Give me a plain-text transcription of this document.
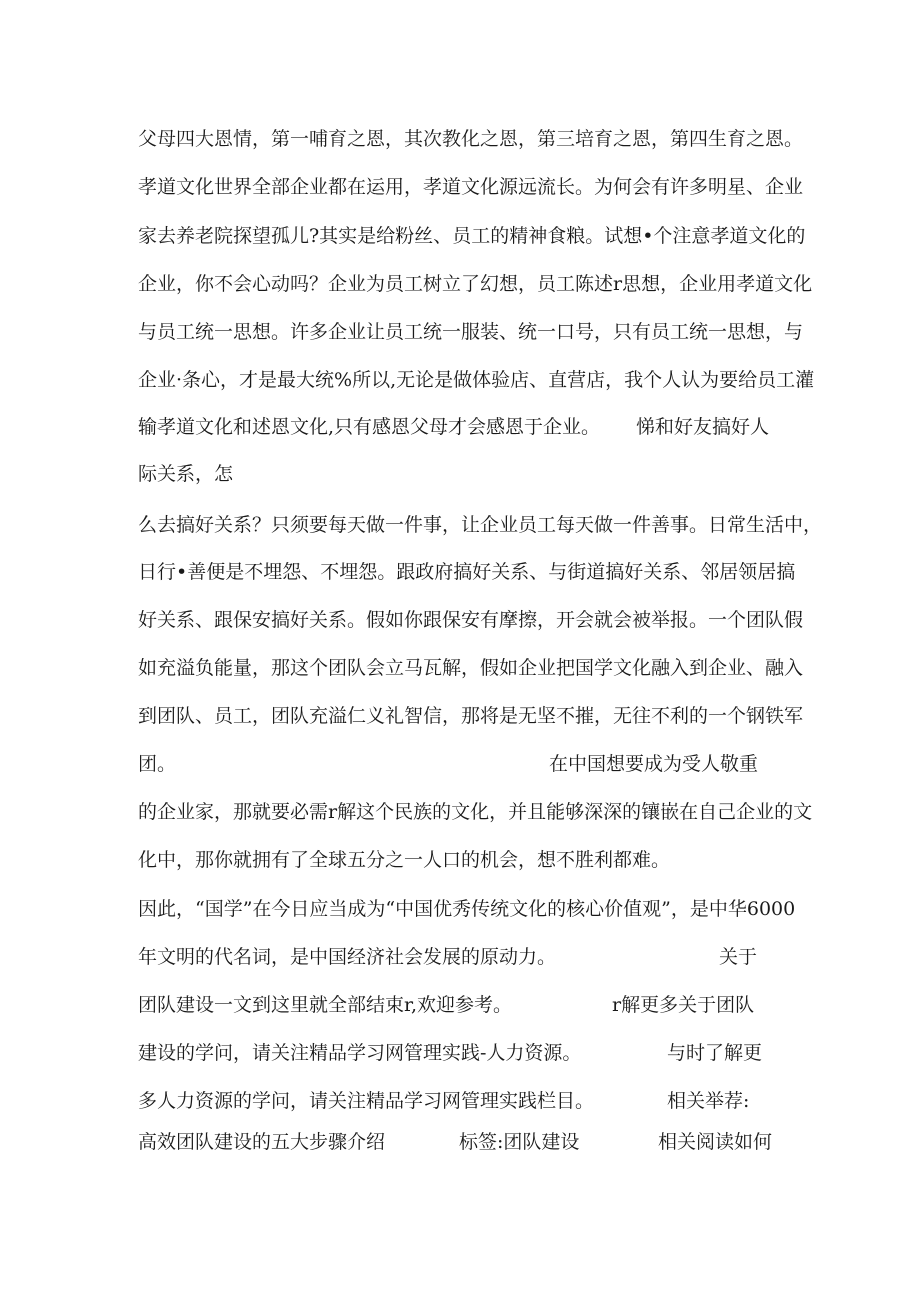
父母四大恩情，第一哺育之恩，其次教化之恩，第三培育之恩，第四生育之恩。
孝道文化世界全部企业都在运用，孝道文化源远流长。为何会有许多明星、企业
家去养老院探望孤儿?其实是给粉丝、员工的精神食粮。试想•个注意孝道文化的
企业，你不会心动吗？企业为员工树立了幻想，员工陈述r思想，企业用孝道文化
与员工统一思想。许多企业让员工统一服装、统一口号，只有员工统一思想，与
企业·条心，才是最大统%所以,无论是做体验店、直营店，我个人认为要给员工灌
输孝道文化和述恩文化,只有感恩父母才会感恩于企业。 悌和好友搞好人
际关系，怎
么去搞好关系？只须要每天做一件事，让企业员工每天做一件善事。日常生活中，
日行•善便是不埋怨、不埋怨。跟政府搞好关系、与街道搞好关系、邻居领居搞
好关系、跟保安搞好关系。假如你跟保安有摩擦，开会就会被举报。一个团队假
如充溢负能量，那这个团队会立马瓦解，假如企业把国学文化融入到企业、融入
到团队、员工，团队充溢仁义礼智信，那将是无坚不摧，无往不利的一个钢铁军
团。	在中国想要成为受人敬重
的企业家，那就要必需r解这个民族的文化，并且能够深深的镶嵌在自己企业的文
化中，那你就拥有了全球五分之一人口的机会，想不胜利都难。
因此，“国学”在今日应当成为“中国优秀传统文化的核心价值观”，是中华6000
年文明的代名词，是中国经济社会发展的原动力。	关于
团队建设一文到这里就全部结束r,欢迎参考。	r解更多关于团队
建设的学问，请关注精品学习网管理实践-人力资源。	与时了解更
多人力资源的学问，请关注精品学习网管理实践栏目。	相关举荐:
高效团队建设的五大步骤介绍	标签:团队建设	相关阅读如何
